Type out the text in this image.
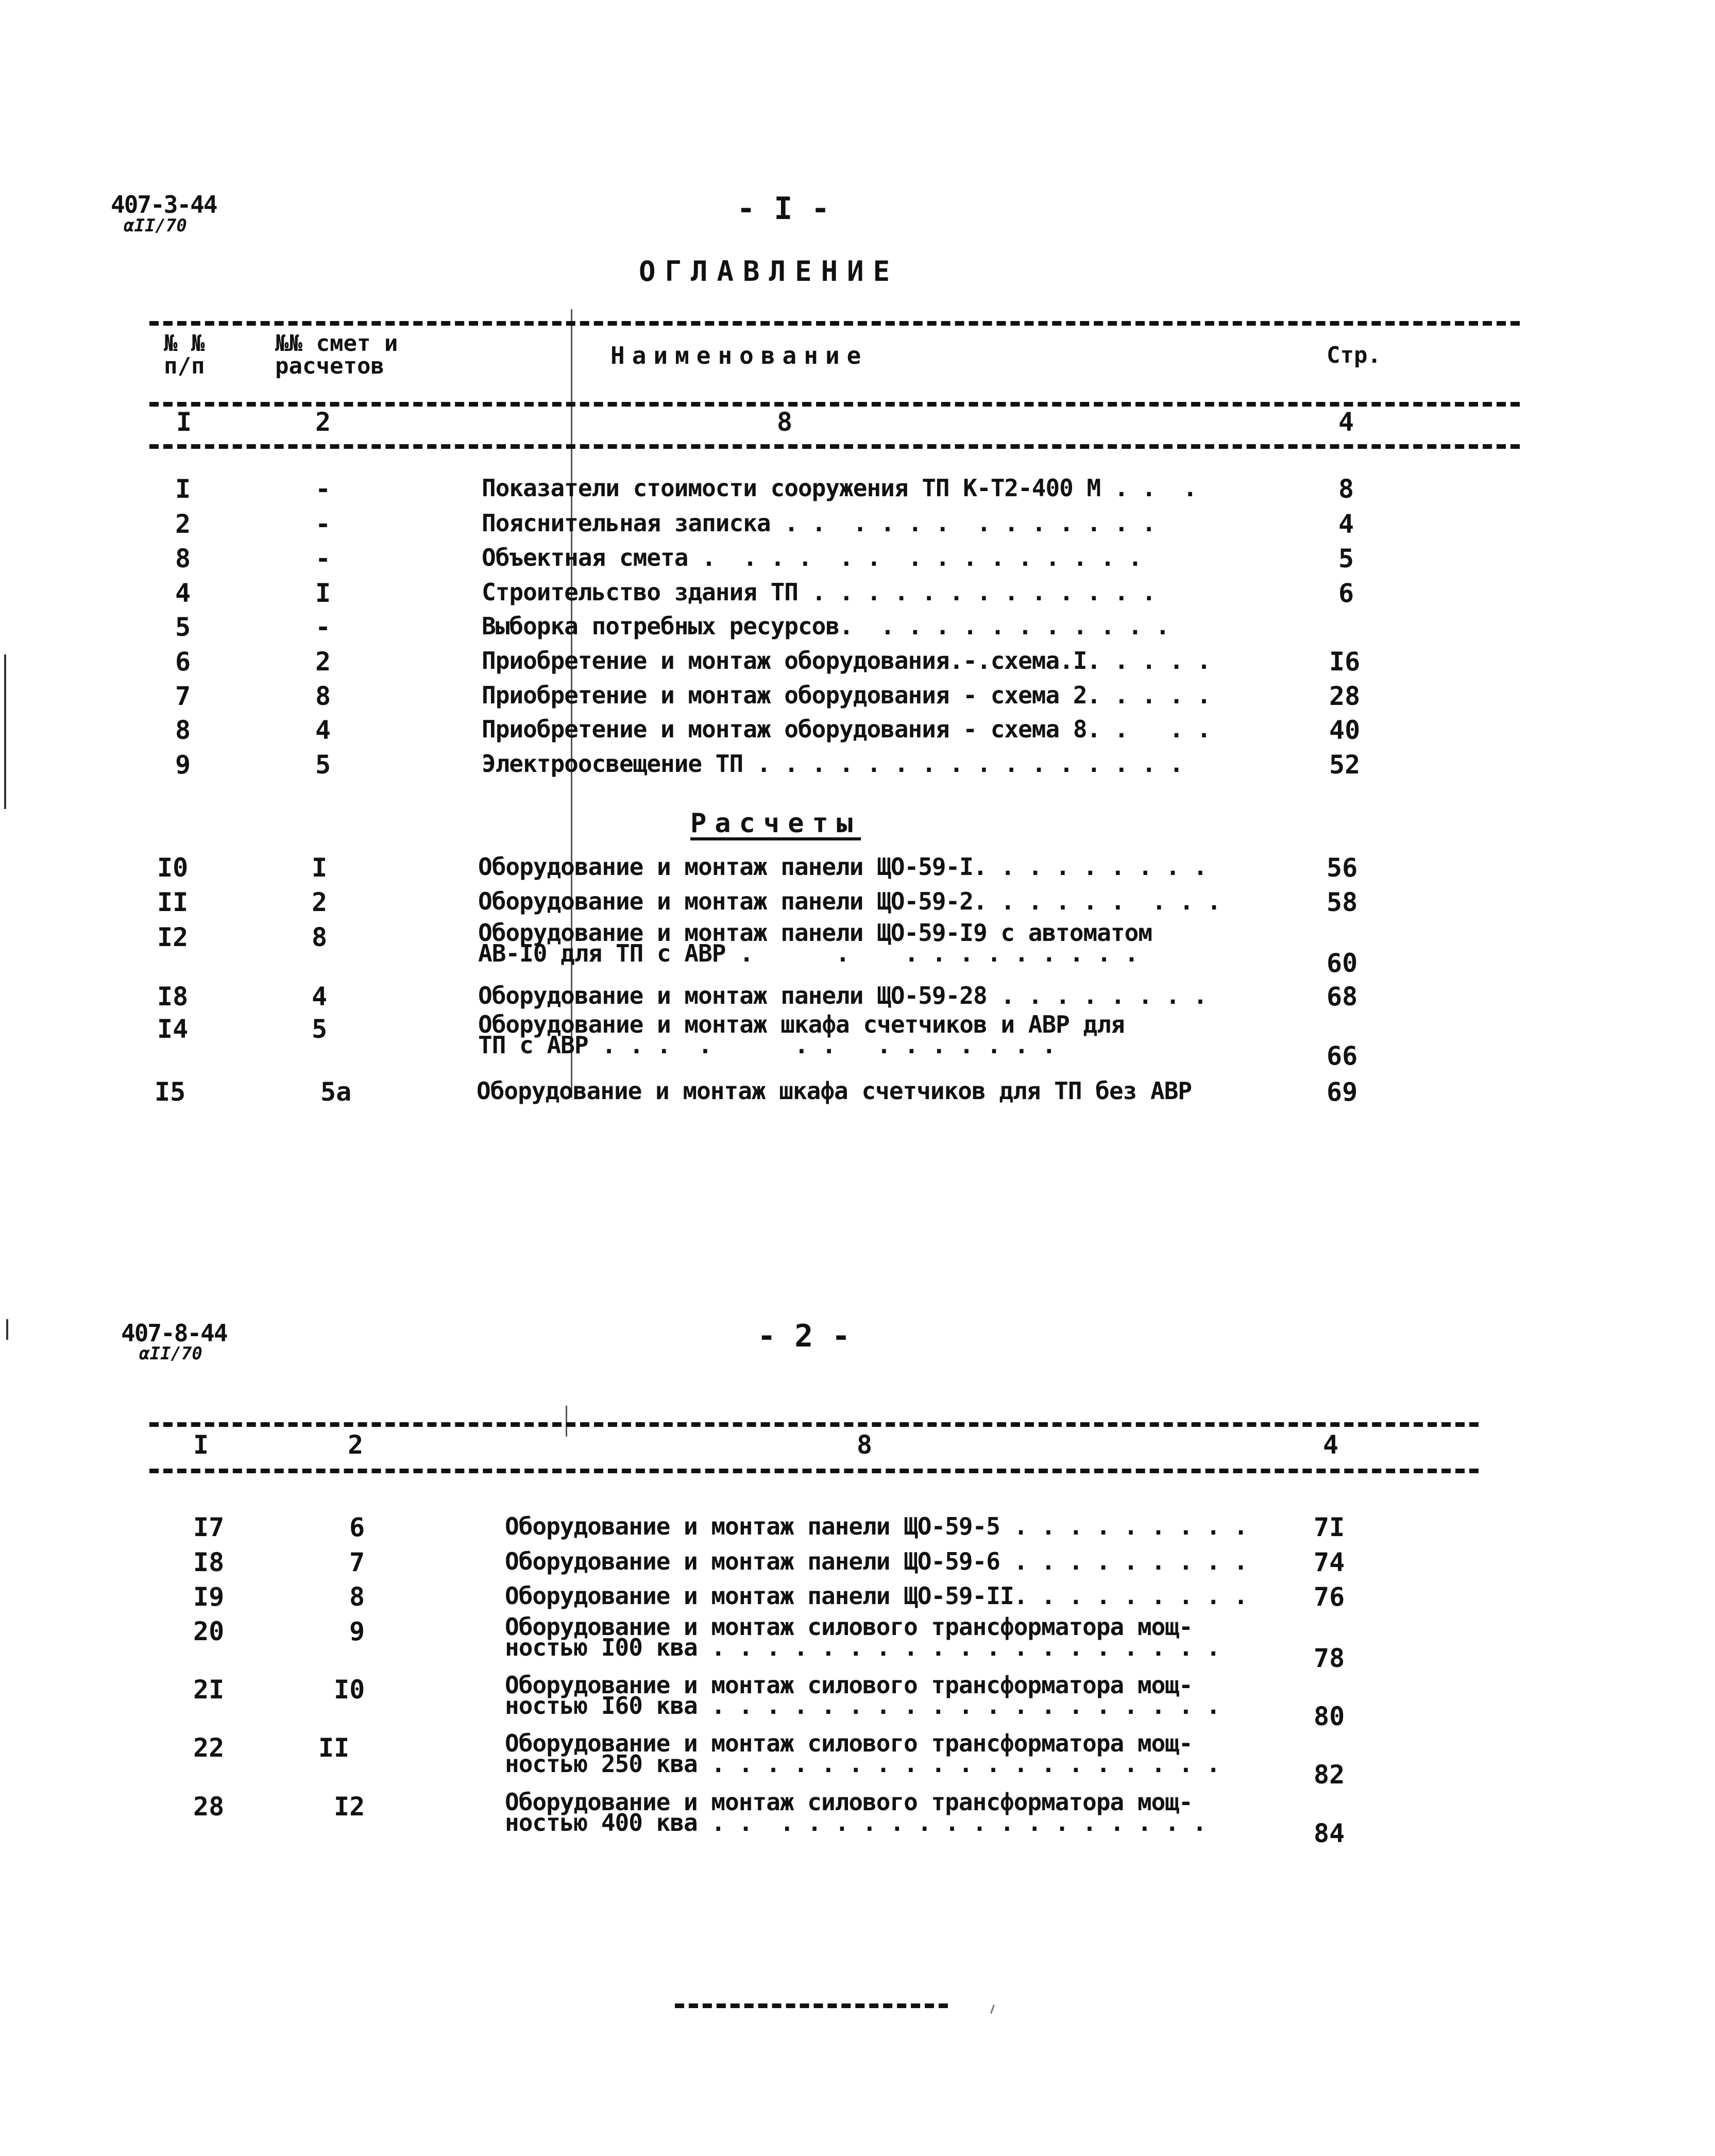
407-3-44
αII/70	- I -
ОГЛАВЛЕНИЕ
№ №
п/п
№№ смет и
расчетов	Наименование	Стр.
I	2	8	4
I	-	Показатели стоимости сооружения ТП К-Т2-400 М . .  .	8
2	-	Пояснительная записка . .  . . . .  . . . . . . .	4
8	-	Объектная смета .  . . .  . .  . . . . . . . . .	5
4	I	Строительство здания ТП . . . . . . . . . . . . .	6
5	-	Выборка потребных ресурсов.  . . . . . . . . . . .
6	2	Приобретение и монтаж оборудования.-.схема.I. . . . .	I6
7	8	Приобретение и монтаж оборудования - схема 2. . . . .	28
8	4	Приобретение и монтаж оборудования - схема 8. .   . .	40
9	5	Электроосвещение ТП . . . . . . . . . . . . . . . .	52
Расчеты
I0	I	Оборудование и монтаж панели ЩО-59-I. . . . . . . . .	56
II	2	Оборудование и монтаж панели ЩО-59-2. . . . . .  . . .	58
I2	8	Оборудование и монтаж панели ЩО-59-I9 с автоматом
АВ-I0 для ТП с АВР .      .    . . . . . . . . .	60
I8	4	Оборудование и монтаж панели ЩО-59-28 . . . . . . . .	68
I4	5	Оборудование и монтаж шкафа счетчиков и АВР для
ТП с АВР . . .  .      . .   . . . . . . .	66
I5	5а	Оборудование и монтаж шкафа счетчиков для ТП без АВР	69
407-8-44
αII/70	- 2 -
I	2	8	4
I7	6	Оборудование и монтаж панели ЩО-59-5 . . . . . . . . .	7I
I8	7	Оборудование и монтаж панели ЩО-59-6 . . . . . . . . .	74
I9	8	Оборудование и монтаж панели ЩО-59-II. . . . . . . . .	76
20	9	Оборудование и монтаж силового трансформатора мощ-
ностью I00 ква . . . . . . . . . . . . . . . . . . .	78
2I	I0	Оборудование и монтаж силового трансформатора мощ-
ностью I60 ква . . . . . . . . . . . . . . . . . . .	80
22	II	Оборудование и монтаж силового трансформатора мощ-
ностью 250 ква . . . . . . . . . . . . . . . . . . .	82
28	I2	Оборудование и монтаж силового трансформатора мощ-
ностью 400 ква . .  . . . . . . . . . . . . . . . .	84
